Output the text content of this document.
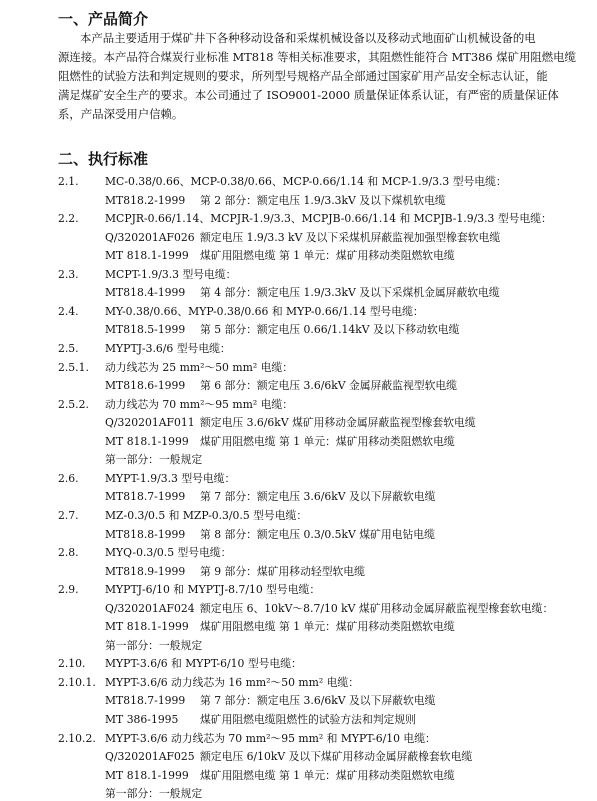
一、产品简介
本产品主要适用于煤矿井下各种移动设备和采煤机械设备以及移动式地面矿山机械设备的电
源连接。本产品符合煤炭行业标准 MT818 等相关标准要求，其阻燃性能符合 MT386 煤矿用阻燃电缆
阻燃性的试验方法和判定规则的要求，所列型号规格产品全部通过国家矿用产品安全标志认证，能
满足煤矿安全生产的要求。本公司通过了 ISO9001-2000 质量保证体系认证，有严密的质量保证体
系，产品深受用户信赖。
二、执行标准
2.1. MC-0.38/0.66、MCP-0.38/0.66、MCP-0.66/1.14 和 MCP-1.9/3.3 型号电缆：
MT818.2-1999 第 2 部分：额定电压 1.9/3.3kV 及以下煤机软电缆
2.2. MCPJR-0.66/1.14、MCPJR-1.9/3.3、MCPJB-0.66/1.14 和 MCPJB-1.9/3.3 型号电缆：
Q/320201AF026 额定电压 1.9/3.3 kV 及以下采煤机屏蔽监视加强型橡套软电缆
MT 818.1-1999 煤矿用阻燃电缆 第 1 单元：煤矿用移动类阻燃软电缆
2.3. MCPT-1.9/3.3 型号电缆：
MT818.4-1999 第 4 部分：额定电压 1.9/3.3kV 及以下采煤机金属屏蔽软电缆
2.4. MY-0.38/0.66、MYP-0.38/0.66 和 MYP-0.66/1.14 型号电缆：
MT818.5-1999 第 5 部分：额定电压 0.66/1.14kV 及以下移动软电缆
2.5. MYPTJ-3.6/6 型号电缆：
2.5.1. 动力线芯为 25 mm²～50 mm² 电缆：
MT818.6-1999 第 6 部分：额定电压 3.6/6kV 金属屏蔽监视型软电缆
2.5.2. 动力线芯为 70 mm²～95 mm² 电缆：
Q/320201AF011 额定电压 3.6/6kV 煤矿用移动金属屏蔽监视型橡套软电缆
MT 818.1-1999 煤矿用阻燃电缆 第 1 单元：煤矿用移动类阻燃软电缆
第一部分：一般规定
2.6. MYPT-1.9/3.3 型号电缆：
MT818.7-1999 第 7 部分：额定电压 3.6/6kV 及以下屏蔽软电缆
2.7. MZ-0.3/0.5 和 MZP-0.3/0.5 型号电缆：
MT818.8-1999 第 8 部分：额定电压 0.3/0.5kV 煤矿用电钻电缆
2.8. MYQ-0.3/0.5 型号电缆：
MT818.9-1999 第 9 部分：煤矿用移动轻型软电缆
2.9. MYPTJ-6/10 和 MYPTJ-8.7/10 型号电缆：
Q/320201AF024 额定电压 6、10kV～8.7/10 kV 煤矿用移动金属屏蔽监视型橡套软电缆：
MT 818.1-1999 煤矿用阻燃电缆 第 1 单元：煤矿用移动类阻燃软电缆
第一部分：一般规定
2.10. MYPT-3.6/6 和 MYPT-6/10 型号电缆：
2.10.1. MYPT-3.6/6 动力线芯为 16 mm²～50 mm² 电缆：
MT818.7-1999 第 7 部分：额定电压 3.6/6kV 及以下屏蔽软电缆
MT 386-1995 煤矿用阻燃电缆阻燃性的试验方法和判定规则
2.10.2. MYPT-3.6/6 动力线芯为 70 mm²～95 mm² 和 MYPT-6/10 电缆：
Q/320201AF025 额定电压 6/10kV 及以下煤矿用移动金属屏蔽橡套软电缆
MT 818.1-1999 煤矿用阻燃电缆 第 1 单元：煤矿用移动类阻燃软电缆
第一部分：一般规定
